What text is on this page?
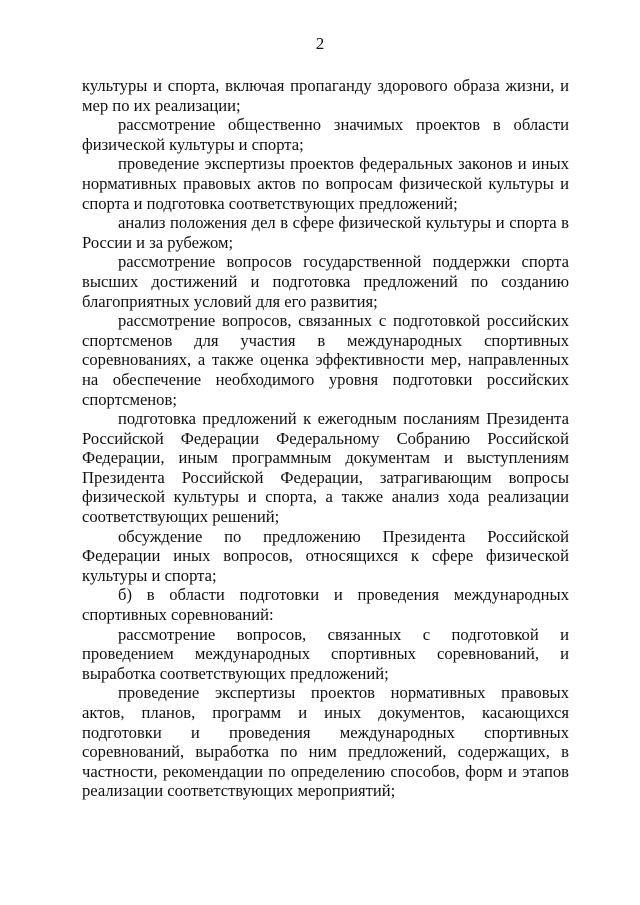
2

культуры и спорта, включая пропаганду здорового образа жизни, и мер по их реализации;

рассмотрение общественно значимых проектов в области физической культуры и спорта;

проведение экспертизы проектов федеральных законов и иных нормативных правовых актов по вопросам физической культуры и спорта и подготовка соответствующих предложений;

анализ положения дел в сфере физической культуры и спорта в России и за рубежом;

рассмотрение вопросов государственной поддержки спорта высших достижений и подготовка предложений по созданию благоприятных условий для его развития;

рассмотрение вопросов, связанных с подготовкой российских спортсменов для участия в международных спортивных соревнованиях, а также оценка эффективности мер, направленных на обеспечение необходимого уровня подготовки российских спортсменов;

подготовка предложений к ежегодным посланиям Президента Российской Федерации Федеральному Собранию Российской Федерации, иным программным документам и выступлениям Президента Российской Федерации, затрагивающим вопросы физической культуры и спорта, а также анализ хода реализации соответствующих решений;

обсуждение по предложению Президента Российской Федерации иных вопросов, относящихся к сфере физической культуры и спорта;

б) в области подготовки и проведения международных спортивных соревнований:

рассмотрение вопросов, связанных с подготовкой и проведением международных спортивных соревнований, и выработка соответствующих предложений;

проведение экспертизы проектов нормативных правовых актов, планов, программ и иных документов, касающихся подготовки и проведения международных спортивных соревнований, выработка по ним предложений, содержащих, в частности, рекомендации по определению способов, форм и этапов реализации соответствующих мероприятий;
